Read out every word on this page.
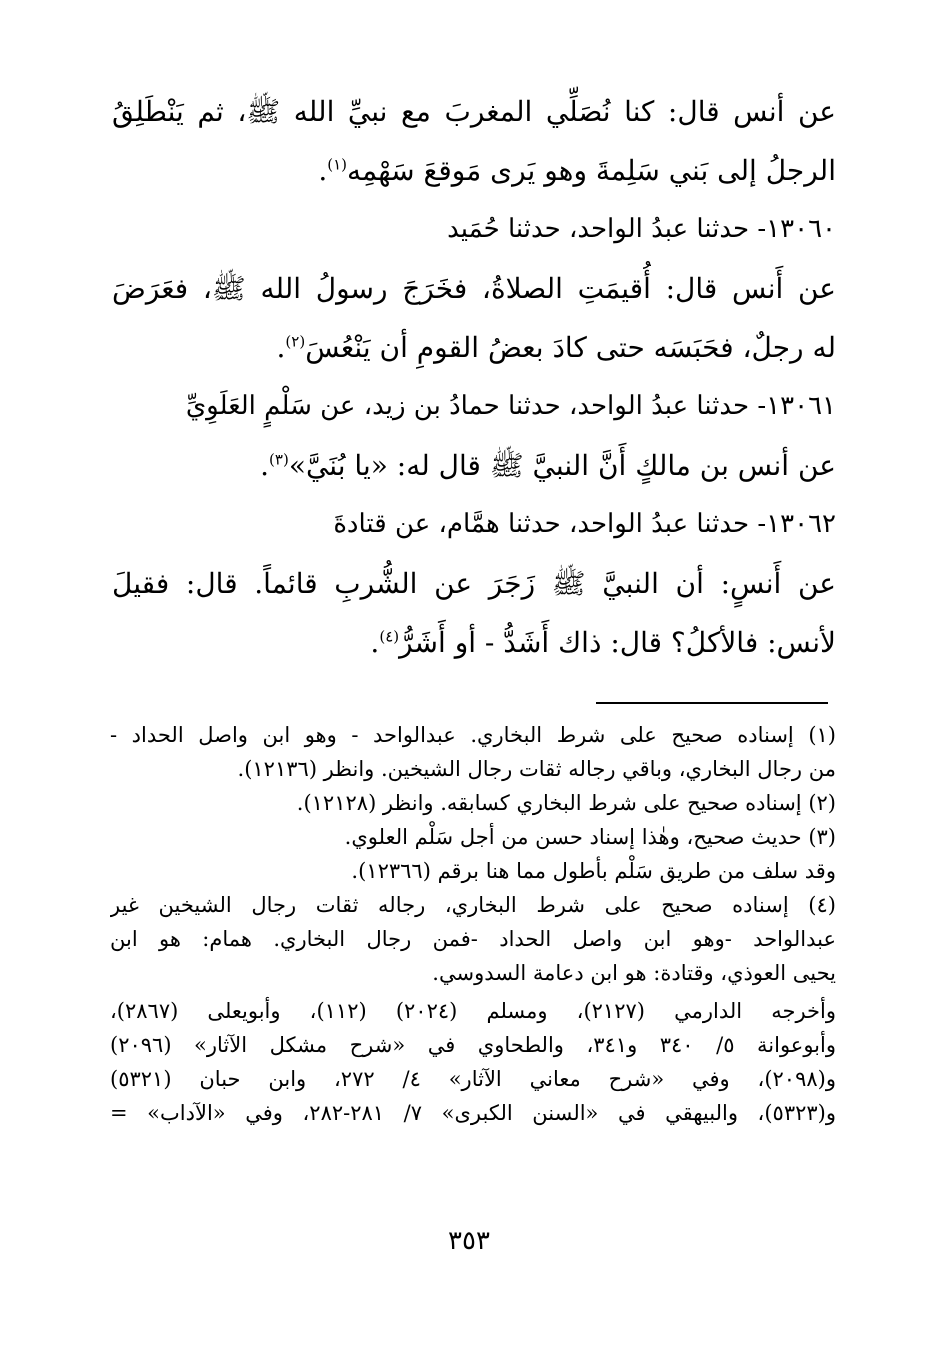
عن أنس قال: كنا نُصَلِّي المغربَ مع نبيِّ الله ﷺ، ثم يَنْطَلِقُ
الرجلُ إلى بَني سَلِمةَ وهو يَرى مَوقعَ سَهْمِه$^{(١)}$.

١٣٠٦٠- حدثنا عبدُ الواحد، حدثنا حُمَيد

عن أَنس قال: أُقيمَتِ الصلاةُ، فخَرَجَ رسولُ الله ﷺ، فعَرَضَ
له رجلٌ، فحَبَسَه حتى كادَ بعضُ القومِ أن يَنْعُسَ$^{(٢)}$.

١٣٠٦١- حدثنا عبدُ الواحد، حدثنا حمادُ بن زيد، عن سَلْمٍ العَلَوِيِّ

عن أنس بن مالكٍ أَنَّ النبيَّ ﷺ قال له: «يا بُنَيَّ»$^{(٣)}$.

١٣٠٦٢- حدثنا عبدُ الواحد، حدثنا همَّام، عن قتادةَ

عن أَنسٍ: أن النبيَّ ﷺ زَجَرَ عن الشُّربِ قائماً. قال: فقيلَ
لأنس: فالأكلُ؟ قال: ذاك أَشَدُّ - أو أَشَرُّ$^{(٤)}$.

(١) إسناده صحيح على شرط البخاري. عبدالواحد - وهو ابن واصل الحداد -
من رجال البخاري، وباقي رجاله ثقات رجال الشيخين. وانظر (١٢١٣٦).
(٢) إسناده صحيح على شرط البخاري كسابقه. وانظر (١٢١٢٨).
(٣) حديث صحيح، وهٰذا إسناد حسن من أجل سَلْم العلوي.
وقد سلف من طريق سَلْم بأطول مما هنا برقم (١٢٣٦٦).
(٤) إسناده صحيح على شرط البخاري، رجاله ثقات رجال الشيخين غير
عبدالواحد -وهو ابن واصل الحداد -فمن رجال البخاري. همام: هو ابن
يحيى العوذي، وقتادة: هو ابن دعامة السدوسي.
وأخرجه الدارمي (٢١٢٧)، ومسلم (٢٠٢٤) (١١٢)، وأبويعلى (٢٨٦٧)،
وأبوعوانة ٥/ ٣٤٠ و٣٤١، والطحاوي في «شرح مشكل الآثار» (٢٠٩٦)
و(٢٠٩٨)، وفي «شرح معاني الآثار» ٤/ ٢٧٢، وابن حبان (٥٣٢١)
و(٥٣٢٣)، والبيهقي في «السنن الكبرى» ٧/ ٢٨١-٢٨٢، وفي «الآداب» =
٣٥٣
